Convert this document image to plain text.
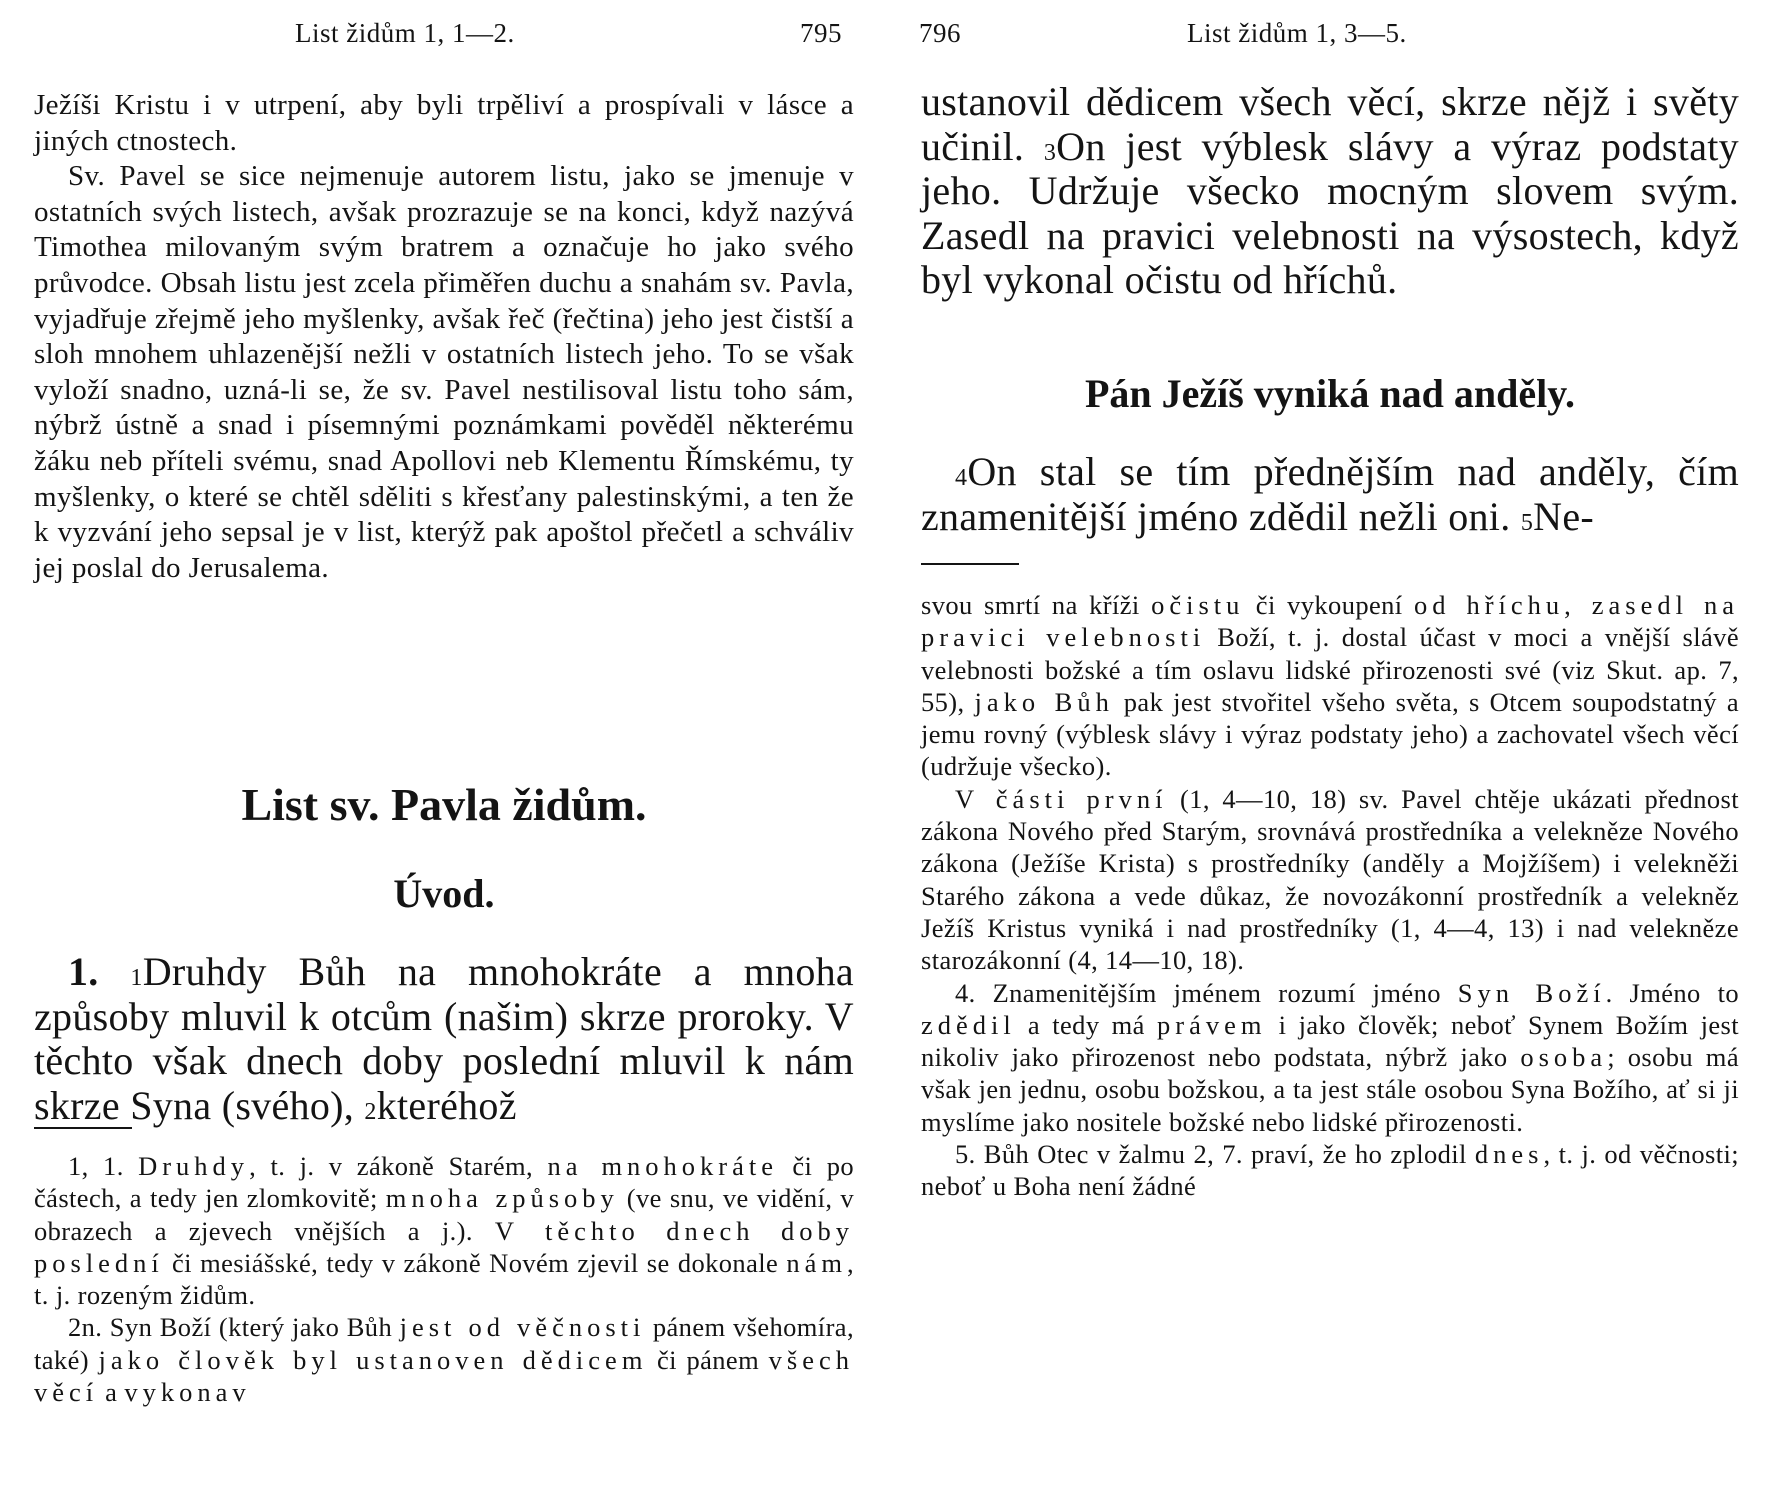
List židům 1, 1—2.	795

Ježíši Kristu i v utrpení, aby byli trpěliví a prospívali v lásce a jiných ctnostech.

Sv. Pavel se sice nejmenuje autorem listu, jako se jmenuje v ostatních svých listech, avšak prozrazuje se na konci, když nazývá Timothea milovaným svým bratrem a označuje ho jako svého průvodce. Obsah listu jest zcela přiměřen duchu a snahám sv. Pavla, vyjadřuje zřejmě jeho myšlenky, avšak řeč (řečtina) jeho jest čistší a sloh mnohem uhlazenější nežli v ostatních listech jeho. To se však vyloží snadno, uzná-li se, že sv. Pavel nestilisoval listu toho sám, nýbrž ústně a snad i písemnými poznámkami pověděl některému žáku neb příteli svému, snad Apollovi neb Klementu Římskému, ty myšlenky, o které se chtěl sděliti s křesťany palestinskými, a ten že k vyzvání jeho sepsal je v list, kterýž pak apoštol přečetl a schváliv jej poslal do Jerusalema.

List sv. Pavla židům.
Úvod.

1. $^1$Druhdy Bůh na mnohokráte a mnoha způsoby mluvil k otcům (našim) skrze proroky. V těchto však dnech doby poslední mluvil k nám skrze Syna (svého), $^2$kteréhož

1, 1. Druhdy, t. j. v zákoně Starém, na mnohokráte či po částech, a tedy jen zlomkovitě; mnoha způsoby (ve snu, ve vidění, v obrazech a zjevech vnějších a j.). V těchto dnech doby poslední či mesiášské, tedy v zákoně Novém zjevil se dokonale nám, t. j. rozeným židům.

2n. Syn Boží (který jako Bůh jest od věčnosti pánem všehomíra, také) jako člověk byl ustanoven dědicem či pánem všech věcí a vykonav

796	List židům 1, 3—5.

ustanovil dědicem všech věcí, skrze nějž i světy učinil. $^3$On jest výblesk slávy a výraz podstaty jeho. Udržuje všecko mocným slovem svým. Zasedl na pravici velebnosti na výsostech, když byl vykonal očistu od hříchů.

Pán Ježíš vyniká nad anděly.

$^4$On stal se tím přednějším nad anděly, čím znamenitější jméno zdědil nežli oni. $^5$Ne-

svou smrtí na kříži očistu či vykoupení od hříchu, zasedl na pravici velebnosti Boží, t. j. dostal účast v moci a vnější slávě velebnosti božské a tím oslavu lidské přirozenosti své (viz Skut. ap. 7, 55), jako Bůh pak jest stvořitel všeho světa, s Otcem soupodstatný a jemu rovný (výblesk slávy i výraz podstaty jeho) a zachovatel všech věcí (udržuje všecko).

V části první (1, 4—10, 18) sv. Pavel chtěje ukázati přednost zákona Nového před Starým, srovnává prostředníka a velekněze Nového zákona (Ježíše Krista) s prostředníky (anděly a Mojžíšem) i velekněži Starého zákona a vede důkaz, že novozákonní prostředník a velekněz Ježíš Kristus vyniká i nad prostředníky (1, 4—4, 13) i nad velekněze starozákonní (4, 14—10, 18).

4. Znamenitějším jménem rozumí jméno Syn Boží. Jméno to zdědil a tedy má právem i jako člověk; neboť Synem Božím jest nikoliv jako přirozenost nebo podstata, nýbrž jako osoba; osobu má však jen jednu, osobu božskou, a ta jest stále osobou Syna Božího, ať si ji myslíme jako nositele božské nebo lidské přirozenosti.

5. Bůh Otec v žalmu 2, 7. praví, že ho zplodil dnes, t. j. od věčnosti; neboť u Boha není žádné
